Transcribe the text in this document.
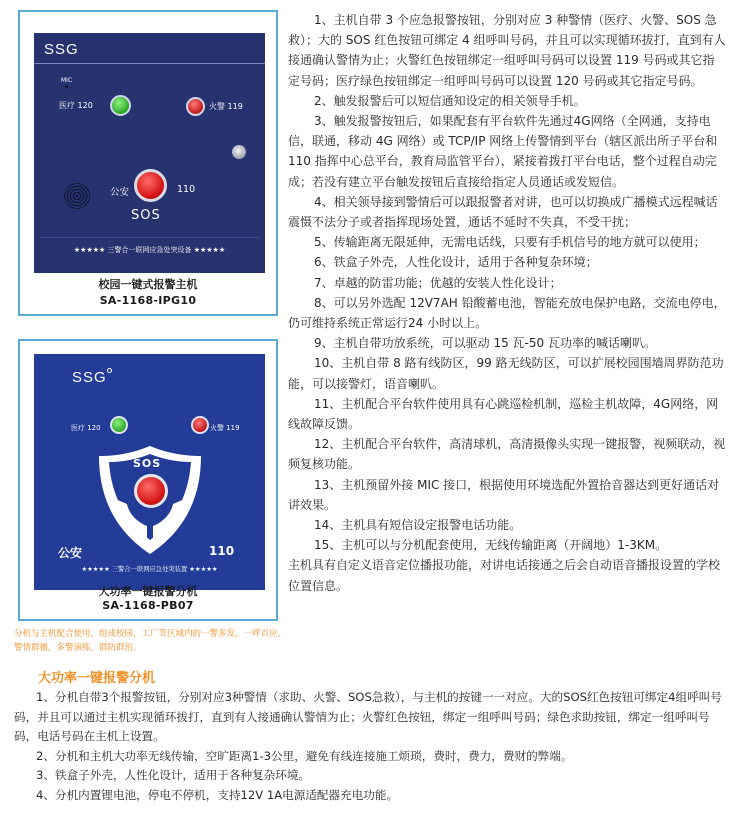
SSG
MIC
医疗 120	火警 119
公安	110
SOS
★★★★★ 三警合一联网应急处突设备 ★★★★★
校园一键式报警主机
SA-1168-IPG10
SSG
医疗 120	火警 119
SOS
公安	110
★★★★★ 三警合一联网应急处突装置 ★★★★★
大功率一键报警分机
SA-1168-PB07
分机与主机配合使用，组成校园，工厂等区域内的一警多发，一呼百应，警情群播，多警演练，群防群治。

1、主机自带 3 个应急报警按钮，分别对应 3 种警情（医疗、火警、SOS 急救）；大的 SOS 红色按钮可绑定 4 组呼叫号码，并且可以实现循环拔打，直到有人接通确认警情为止；火警红色按钮绑定一组呼叫号码可以设置 119 号码或其它指定号码；医疗绿色按钮绑定一组呼叫号码可以设置 120 号码或其它指定号码。

2、触发报警后可以短信通知设定的相关领导手机。

3、触发报警按钮后，如果配套有平台软件先通过4G网络（全网通，支持电信，联通，移动 4G 网络）或 TCP/IP 网络上传警情到平台（辖区派出所子平台和 110 指挥中心总平台，教育局监管平台），紧接着拨打平台电话，整个过程自动完成；若没有建立平台触发按钮后直接给指定人员通话或发短信。

4、相关领导接到警情后可以跟报警者对讲，也可以切换成广播模式远程喊话震慑不法分子或者指挥现场处置，通话不延时不失真，不受干扰；

5、传输距离无限延伸，无需电话线，只要有手机信号的地方就可以使用；

6、铁盒子外壳，人性化设计，适用于各种复杂环境；

7、卓越的防雷功能；优越的安装人性化设计；

8、可以另外选配 12V7AH 铅酸蓄电池，智能充放电保护电路，交流电停电，仍可维持系统正常运行24 小时以上。

9、主机自带功放系统，可以驱动 15 瓦-50 瓦功率的喊话喇叭。

10、主机自带 8 路有线防区，99 路无线防区，可以扩展校园围墙周界防范功能，可以接警灯，语音喇叭。

11、主机配合平台软件使用具有心跳巡检机制，巡检主机故障，4G网络，网线故障反馈。

12、主机配合平台软件，高清球机，高清摄像头实现一键报警，视频联动，视频复核功能。

13、主机预留外接 MIC 接口，根据使用环境选配外置拾音器达到更好通话对讲效果。

14、主机具有短信设定报警电话功能。

15、主机可以与分机配套使用，无线传输距离（开阔地）1-3KM。

主机具有自定义语音定位播报功能，对讲电话接通之后会自动语音播报设置的学校位置信息。

大功率一键报警分机

1、分机自带3个报警按钮，分别对应3种警情（求助、火警、SOS急救），与主机的按键一一对应。大的SOS红色按钮可绑定4组呼叫号码，并且可以通过主机实现循环拔打，直到有人接通确认警情为止；火警红色按钮，绑定一组呼叫号码；绿色求助按钮，绑定一组呼叫号码，电话号码在主机上设置。

2、分机和主机大功率无线传输，空旷距离1-3公里，避免有线连接施工烦琐，费时，费力，费财的弊端。

3、铁盒子外壳，人性化设计，适用于各种复杂环境。

4、分机内置锂电池，停电不停机，支持12V 1A电源适配器充电功能。
